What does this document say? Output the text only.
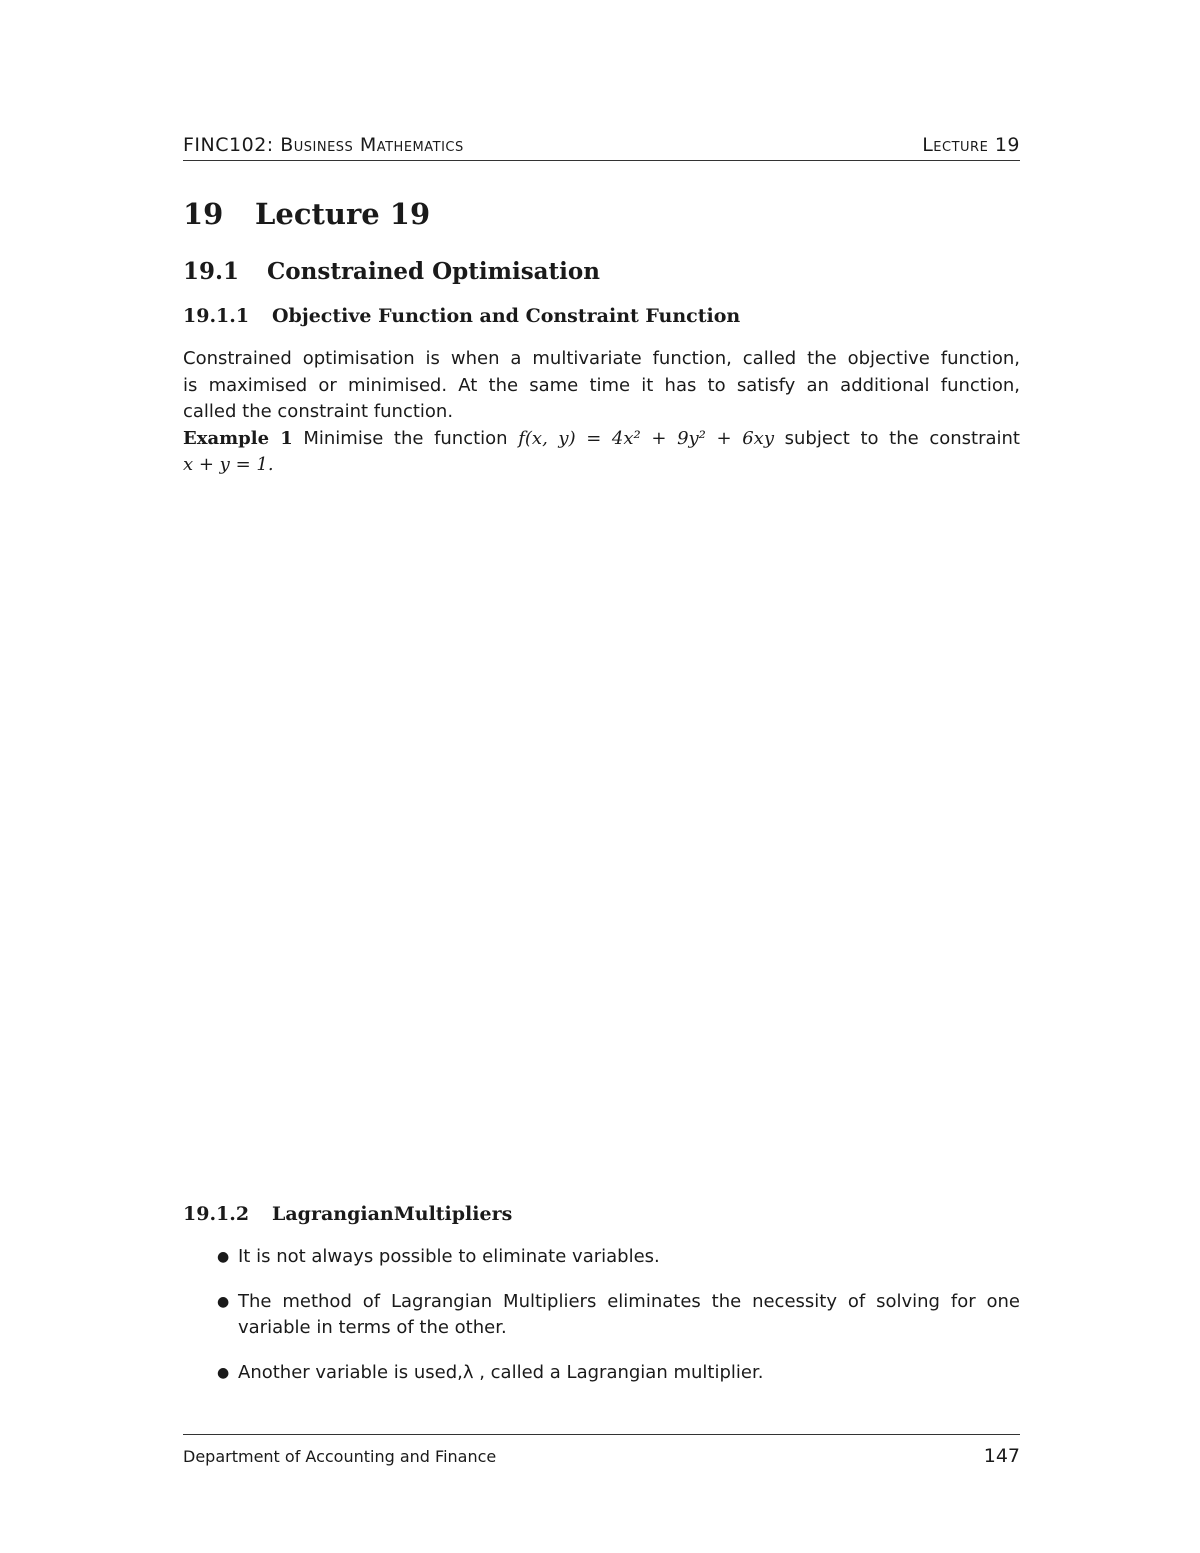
FINC102: Business Mathematics	Lecture 19
19 Lecture 19
19.1 Constrained Optimisation
19.1.1 Objective Function and Constraint Function
Constrained optimisation is when a multivariate function, called the objective function,
is maximised or minimised. At the same time it has to satisfy an additional function,
called the constraint function.
Example 1 Minimise the function f(x, y) = 4x² + 9y² + 6xy subject to the constraint
x + y = 1.
19.1.2 LagrangianMultipliers
● It is not always possible to eliminate variables.
● The method of Lagrangian Multipliers eliminates the necessity of solving for one
variable in terms of the other.
● Another variable is used,λ , called a Lagrangian multiplier.
Department of Accounting and Finance	147
